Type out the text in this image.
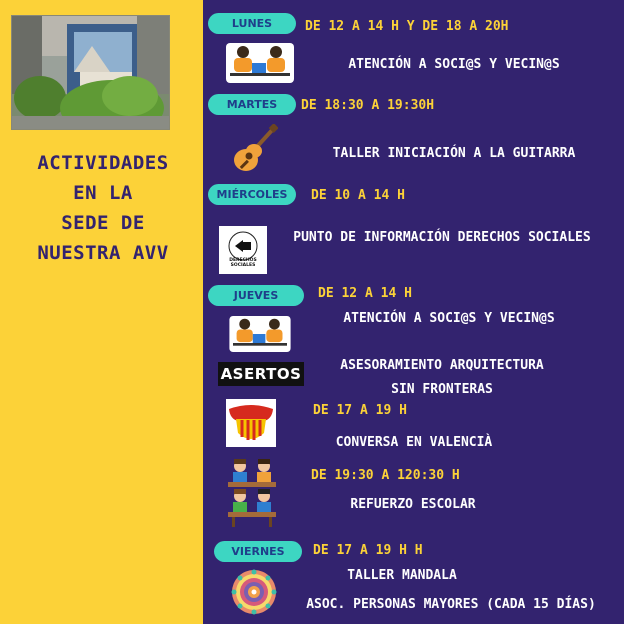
ACTIVIDADES
EN LA
SEDE DE
NUESTRA AVV
LUNES	DE 12 A 14 H Y DE 18 A 20H
ATENCIÓN A SOCI@S Y VECIN@S
MARTES	DE 18:30 A 19:30H
TALLER INICIACIÓN A LA GUITARRA
MIÉRCOLES	DE 10 A 14 H
DERECHOS SOCIALES
PUNTO DE INFORMACIÓN DERECHOS SOCIALES
JUEVES	DE 12 A 14 H
ATENCIÓN A SOCI@S Y VECIN@S
ASERTOS	ASESORAMIENTO ARQUITECTURA
SIN FRONTERAS
DE 17 A 19 H
CONVERSA EN VALENCIÀ
DE 19:30 A 120:30 H
REFUERZO ESCOLAR
VIERNES	DE 17 A 19 H H
TALLER MANDALA
ASOC. PERSONAS MAYORES (CADA 15 DÍAS)
